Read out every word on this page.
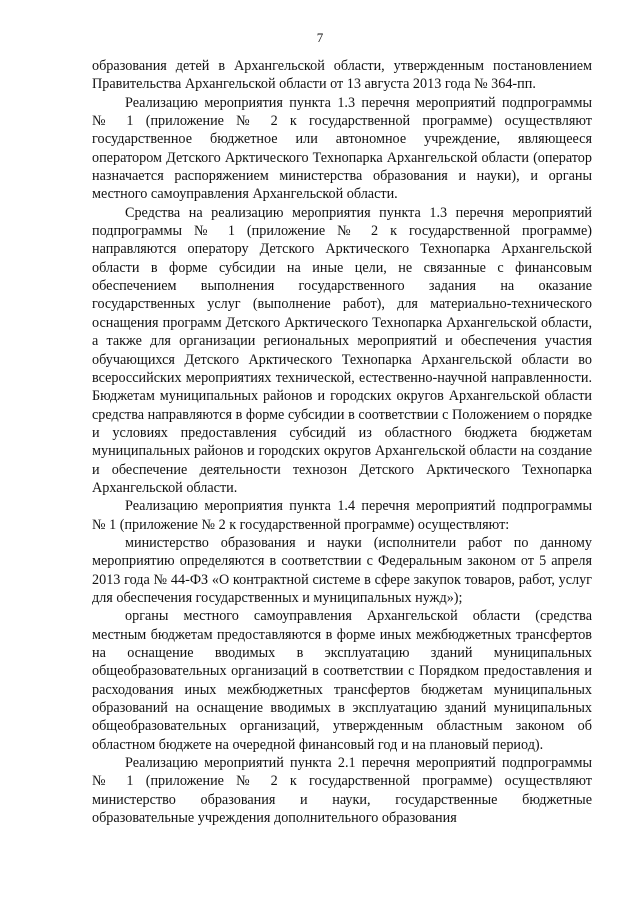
7

образования детей в Архангельской области, утвержденным постановлением Правительства Архангельской области от 13 августа 2013 года № 364-пп.

Реализацию мероприятия пункта 1.3 перечня мероприятий подпрограммы № 1 (приложение № 2 к государственной программе) осуществляют государственное бюджетное или автономное учреждение, являющееся оператором Детского Арктического Технопарка Архангельской области (оператор назначается распоряжением министерства образования и науки), и органы местного самоуправления Архангельской области.

Средства на реализацию мероприятия пункта 1.3 перечня мероприятий подпрограммы № 1 (приложение № 2 к государственной программе) направляются оператору Детского Арктического Технопарка Архангельской области в форме субсидии на иные цели, не связанные с финансовым обеспечением выполнения государственного задания на оказание государственных услуг (выполнение работ), для материально-технического оснащения программ Детского Арктического Технопарка Архангельской области, а также для организации региональных мероприятий и обеспечения участия обучающихся Детского Арктического Технопарка Архангельской области во всероссийских мероприятиях технической, естественно-научной направленности. Бюджетам муниципальных районов и городских округов Архангельской области средства направляются в форме субсидии в соответствии с Положением о порядке и условиях предоставления субсидий из областного бюджета бюджетам муниципальных районов и городских округов Архангельской области на создание и обеспечение деятельности технозон Детского Арктического Технопарка Архангельской области.

Реализацию мероприятия пункта 1.4 перечня мероприятий подпрограммы № 1 (приложение № 2 к государственной программе) осуществляют:

министерство образования и науки (исполнители работ по данному мероприятию определяются в соответствии с Федеральным законом от 5 апреля 2013 года № 44-ФЗ «О контрактной системе в сфере закупок товаров, работ, услуг для обеспечения государственных и муниципальных нужд»);

органы местного самоуправления Архангельской области (средства местным бюджетам предоставляются в форме иных межбюджетных трансфертов на оснащение вводимых в эксплуатацию зданий муниципальных общеобразовательных организаций в соответствии с Порядком предоставления и расходования иных межбюджетных трансфертов бюджетам муниципальных образований на оснащение вводимых в эксплуатацию зданий муниципальных общеобразовательных организаций, утвержденным областным законом об областном бюджете на очередной финансовый год и на плановый период).

Реализацию мероприятий пункта 2.1 перечня мероприятий подпрограммы № 1 (приложение № 2 к государственной программе) осуществляют министерство образования и науки, государственные бюджетные образовательные учреждения дополнительного образования
